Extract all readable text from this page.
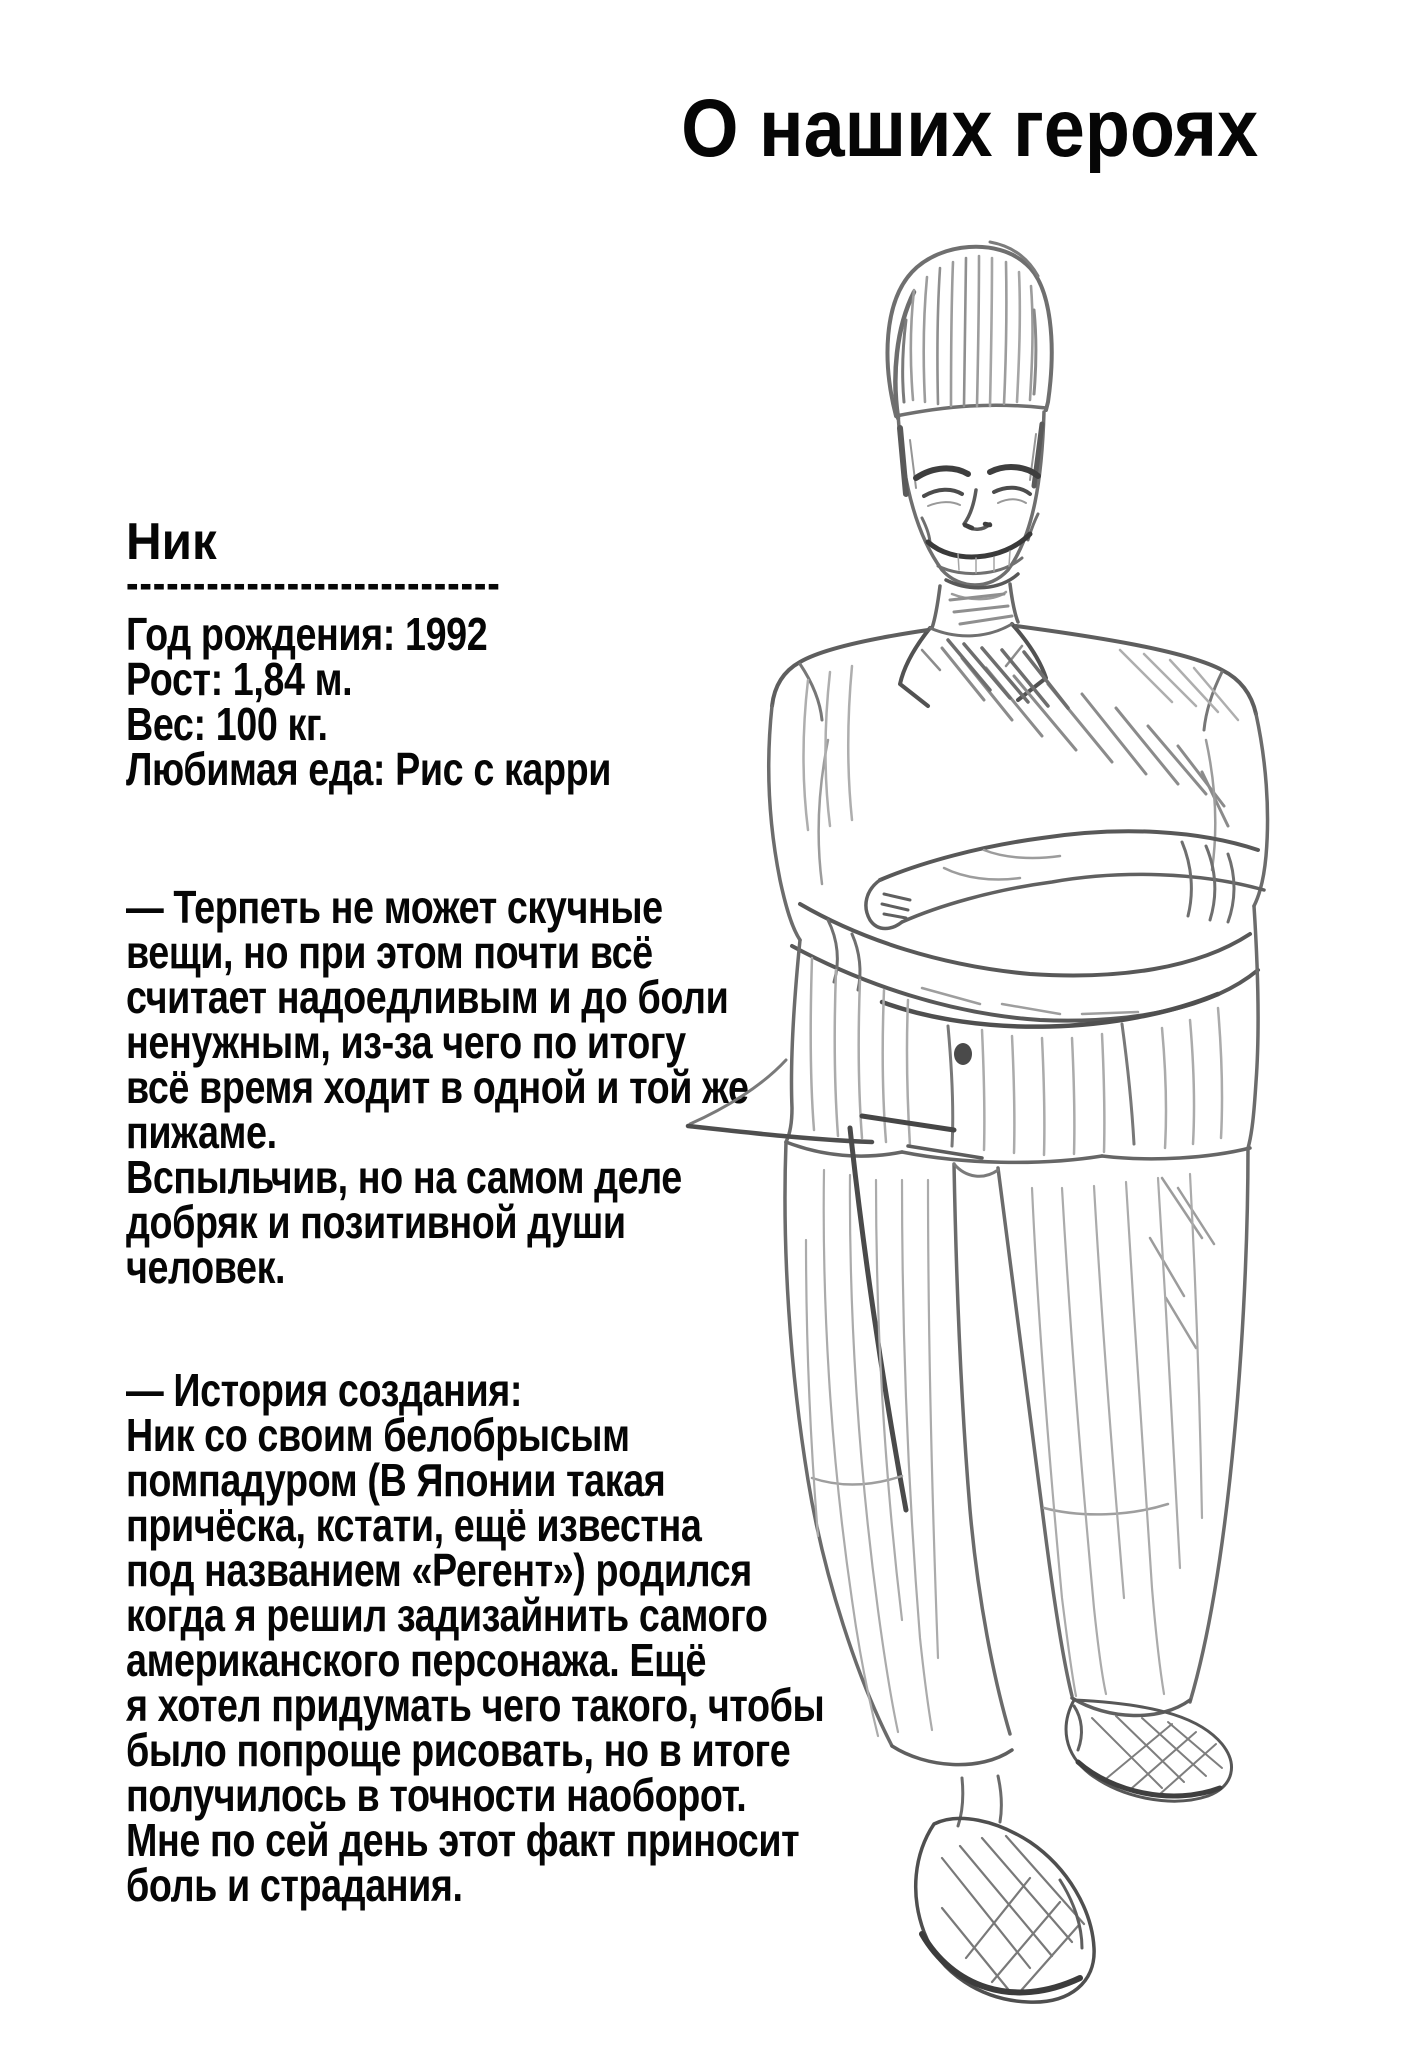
О наших героях
Ник
----------------------------
Год рождения: 1992
Рост: 1,84 м.
Вес: 100 кг.
Любимая еда: Рис с карри
— Терпеть не может скучные
вещи, но при этом почти всё
считает надоедливым и до боли
ненужным, из-за чего по итогу
всё время ходит в одной и той же
пижаме.
Вспыльчив, но на самом деле
добряк и позитивной души
человек.
— История создания:
Ник со своим белобрысым
помпадуром (В Японии такая
причёска, кстати, ещё известна
под названием «Регент») родился
когда я решил задизайнить самого
американского персонажа. Ещё
я хотел придумать чего такого, чтобы
было попроще рисовать, но в итоге
получилось в точности наоборот.
Мне по сей день этот факт приносит
боль и страдания.
